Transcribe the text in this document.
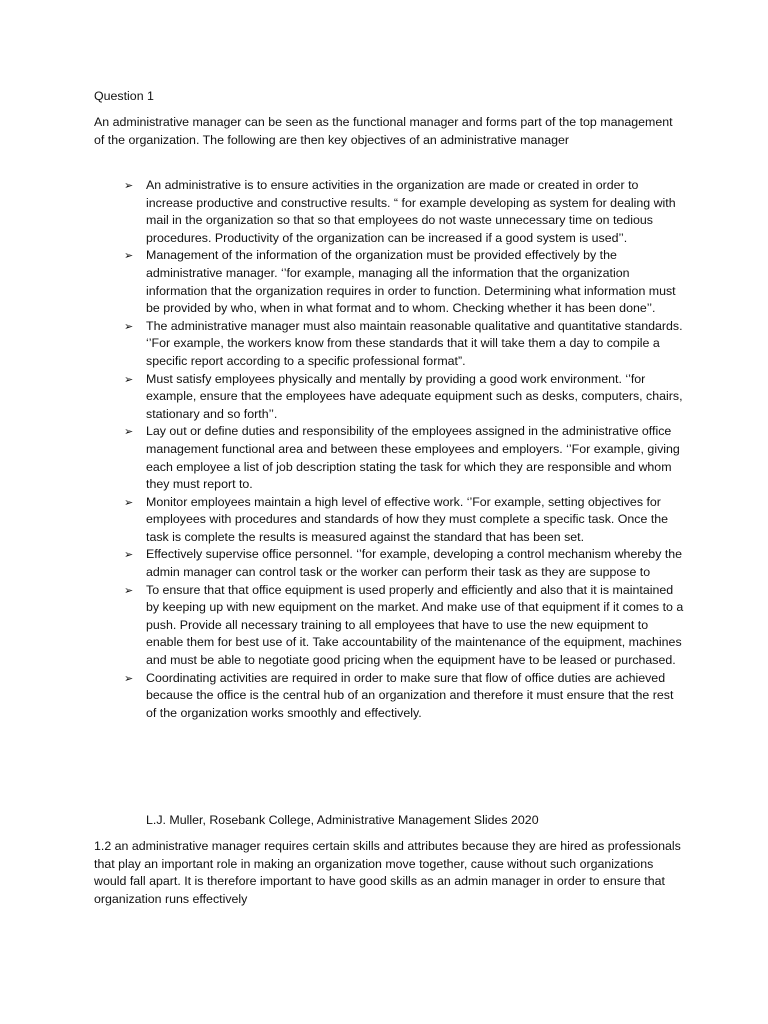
Question 1
An administrative manager can be seen as the functional manager and forms part of the top management of the organization. The following are then key objectives of an administrative manager
➢	An administrative is to ensure activities in the organization are made or created in order to increase productive and constructive results. “ for example developing as system for dealing with mail in the organization so that so that employees do not waste unnecessary time on tedious procedures. Productivity of the organization can be increased if a good system is used’’.
➢	Management of the information of the organization must be provided effectively by the administrative manager. ‘’for example, managing all the information that the organization information that the organization requires in order to function. Determining what information must be provided by who, when in what format and to whom. Checking whether it has been done’’.
➢	The administrative manager must also maintain reasonable qualitative and quantitative standards. ‘’For example, the workers know from these standards that it will take them a day to compile a specific report according to a specific professional format”.
➢	Must satisfy employees physically and mentally by providing a good work environment. ‘’for example, ensure that the employees have adequate equipment such as desks, computers, chairs, stationary and so forth’’.
➢	Lay out or define duties and responsibility of the employees assigned in the administrative office management functional area and between these employees and employers. ‘’For example, giving each employee a list of job description stating the task for which they are responsible and whom they must report to.
➢	Monitor employees maintain a high level of effective work. ‘’For example, setting objectives for employees with procedures and standards of how they must complete a specific task. Once the task is complete the results is measured against the standard that has been set.
➢	Effectively supervise office personnel. ‘’for example, developing a control mechanism whereby the admin manager can control task or the worker can perform their task as they are suppose to
➢	To ensure that that office equipment is used properly and efficiently and also that it is maintained by keeping up with new equipment on the market. And make use of that equipment if it comes to a push. Provide all necessary training to all employees that have to use the new equipment to enable them for best use of it. Take accountability of the maintenance of the equipment, machines and must be able to negotiate good pricing when the equipment have to be leased or purchased.
➢	Coordinating activities are required in order to make sure that flow of office duties are achieved because the office is the central hub of an organization and therefore it must ensure that the rest of the organization works smoothly and effectively.
L.J. Muller, Rosebank College, Administrative Management Slides 2020
1.2 an administrative manager requires certain skills and attributes because they are hired as professionals that play an important role in making an organization move together, cause without such organizations would fall apart. It is therefore important to have good skills as an admin manager in order to ensure that organization runs effectively
